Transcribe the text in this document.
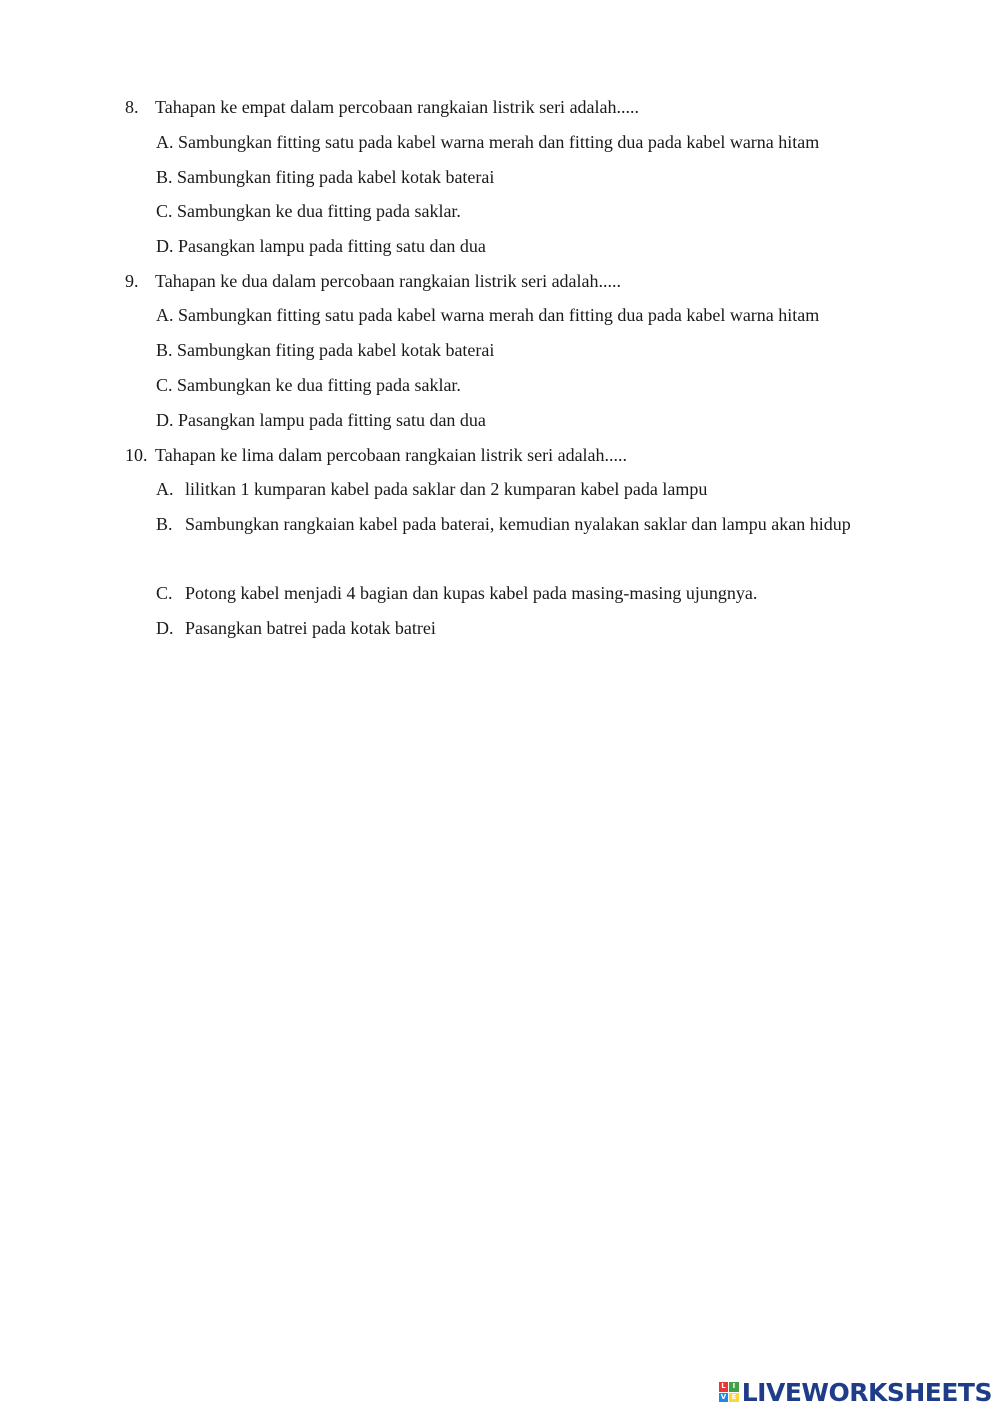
8. Tahapan ke empat dalam percobaan rangkaian listrik seri adalah.....
A. Sambungkan fitting satu pada kabel warna merah dan fitting dua pada kabel warna hitam
B. Sambungkan fiting pada kabel kotak baterai
C. Sambungkan ke dua fitting pada saklar.
D. Pasangkan lampu pada fitting satu dan dua
9. Tahapan ke dua dalam percobaan rangkaian listrik seri adalah.....
A. Sambungkan fitting satu pada kabel warna merah dan fitting dua pada kabel warna hitam
B. Sambungkan fiting pada kabel kotak baterai
C. Sambungkan ke dua fitting pada saklar.
D. Pasangkan lampu pada fitting satu dan dua
10. Tahapan ke lima dalam percobaan rangkaian listrik seri adalah.....
A. lilitkan 1 kumparan kabel pada saklar dan 2 kumparan kabel pada lampu
B. Sambungkan rangkaian kabel pada baterai, kemudian nyalakan saklar dan lampu akan hidup
C. Potong kabel menjadi 4 bagian dan kupas kabel pada masing-masing ujungnya.
D. Pasangkan batrei pada kotak batrei
L I
V E LIVEWORKSHEETS
